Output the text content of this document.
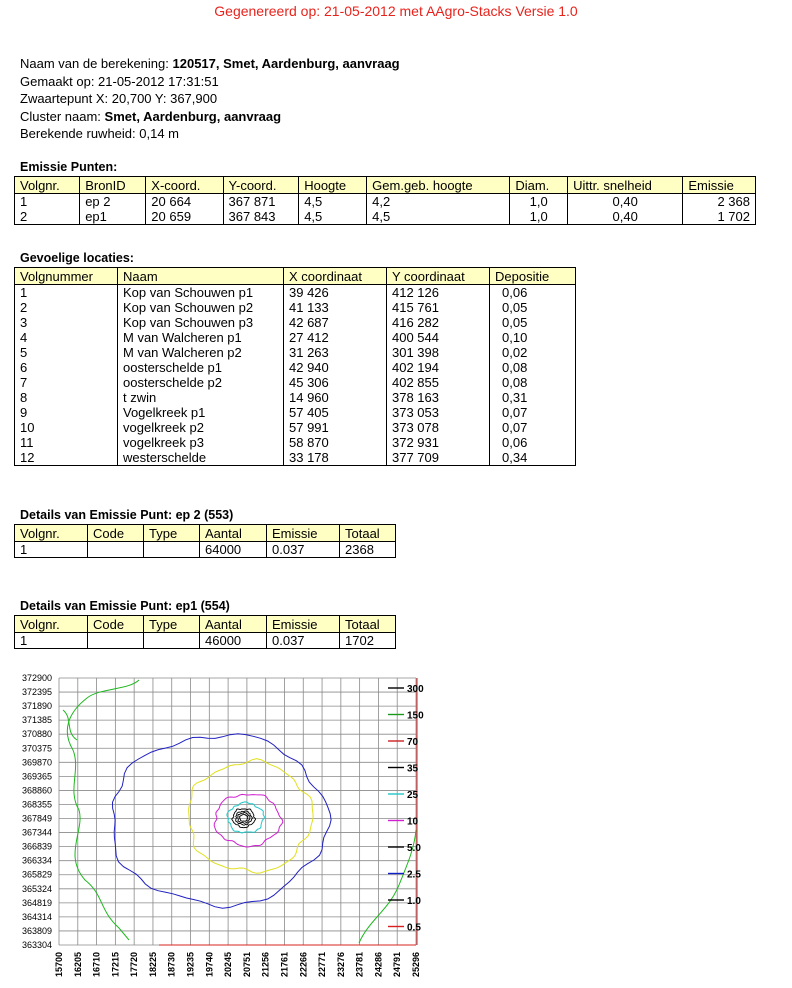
Gegenereerd op: 21-05-2012 met AAgro-Stacks Versie 1.0
Naam van de berekening: 120517, Smet, Aardenburg, aanvraag
Gemaakt op: 21-05-2012 17:31:51
Zwaartepunt X: 20,700 Y: 367,900
Cluster naam: Smet, Aardenburg, aanvraag
Berekende ruwheid: 0,14 m
Emissie Punten:
Volgnr.	BronID	X-coord.	Y-coord.	Hoogte	Gem.geb. hoogte	Diam.	Uittr. snelheid	Emissie
1	ep 2	20 664	367 871	4,5	4,2	1,0	0,40	2 368
2	ep1	20 659	367 843	4,5	4,5	1,0	0,40	1 702
Gevoelige locaties:
Volgnummer	Naam	X coordinaat	Y coordinaat	Depositie
1	Kop van Schouwen p1	39 426	412 126	0,06
2	Kop van Schouwen p2	41 133	415 761	0,05
3	Kop van Schouwen p3	42 687	416 282	0,05
4	M van Walcheren p1	27 412	400 544	0,10
5	M van Walcheren p2	31 263	301 398	0,02
6	oosterschelde p1	42 940	402 194	0,08
7	oosterschelde p2	45 306	402 855	0,08
8	t zwin	14 960	378 163	0,31
9	Vogelkreek p1	57 405	373 053	0,07
10	vogelkreek p2	57 991	373 078	0,07
11	vogelkreek p3	58 870	372 931	0,06
12	westerschelde	33 178	377 709	0,34
Details van Emissie Punt: ep 2 (553)
Volgnr.	Code	Type	Aantal	Emissie	Totaal
1			64000	0.037	2368
Details van Emissie Punt: ep1 (554)
Volgnr.	Code	Type	Aantal	Emissie	Totaal
1			46000	0.037	1702
372900
372395
371890
371385
370880
370375
369870
369365
368860
368355
367849
367344
366839
366334
365829
365324
364819
364314
363809
363304
15700 16205 16710 17215 17720 18225 18730 19235 19740 20245 20751 21256 21761 22266 22771 23276 23781 24286 24791 25296
300
150
70
35
25
10
5.0
2.5
1.0
0.5
